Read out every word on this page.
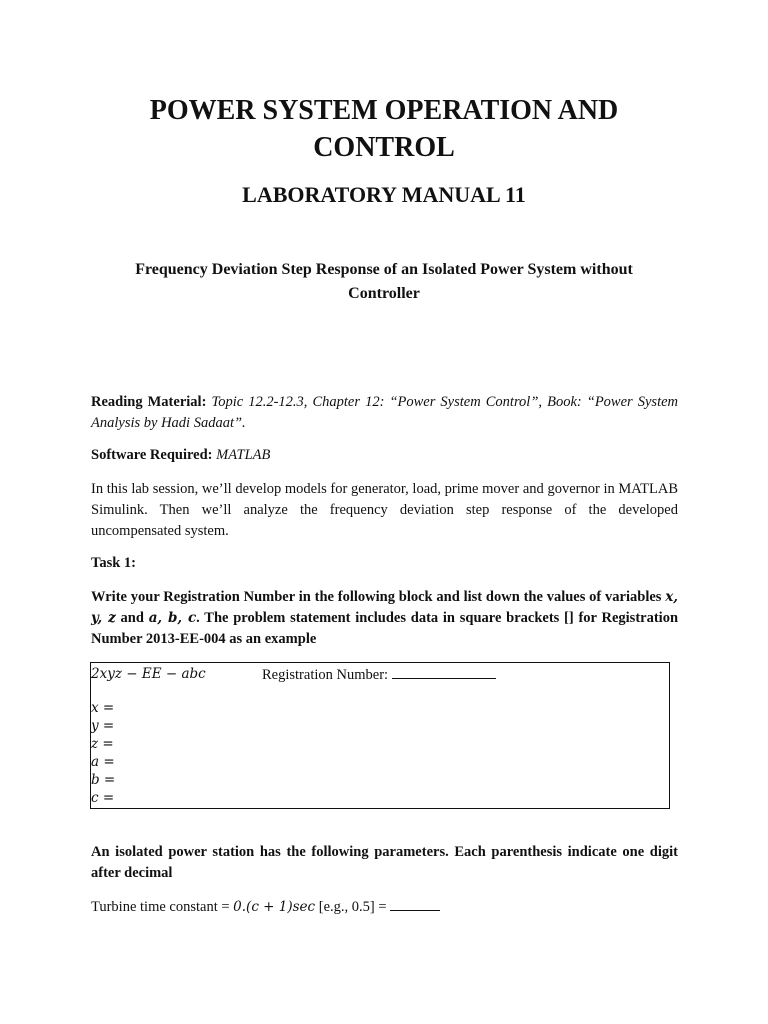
POWER SYSTEM OPERATION AND
CONTROL
LABORATORY MANUAL 11
Frequency Deviation Step Response of an Isolated Power System without
Controller
Reading Material: Topic 12.2-12.3, Chapter 12: “Power System Control”, Book: “Power System Analysis by Hadi Sadaat”.
Software Required: MATLAB
In this lab session, we’ll develop models for generator, load, prime mover and governor in MATLAB Simulink. Then we’ll analyze the frequency deviation step response of the developed uncompensated system.
Task 1:
Write your Registration Number in the following block and list down the values of variables x, y, z and a, b, c. The problem statement includes data in square brackets [] for Registration Number 2013-EE-004 as an example
2xyz − EE − abc	Registration Number:
x =
y =
z =
a =
b =
c =
An isolated power station has the following parameters. Each parenthesis indicate one digit after decimal
Turbine time constant = 0.(c + 1)sec [e.g., 0.5] =
